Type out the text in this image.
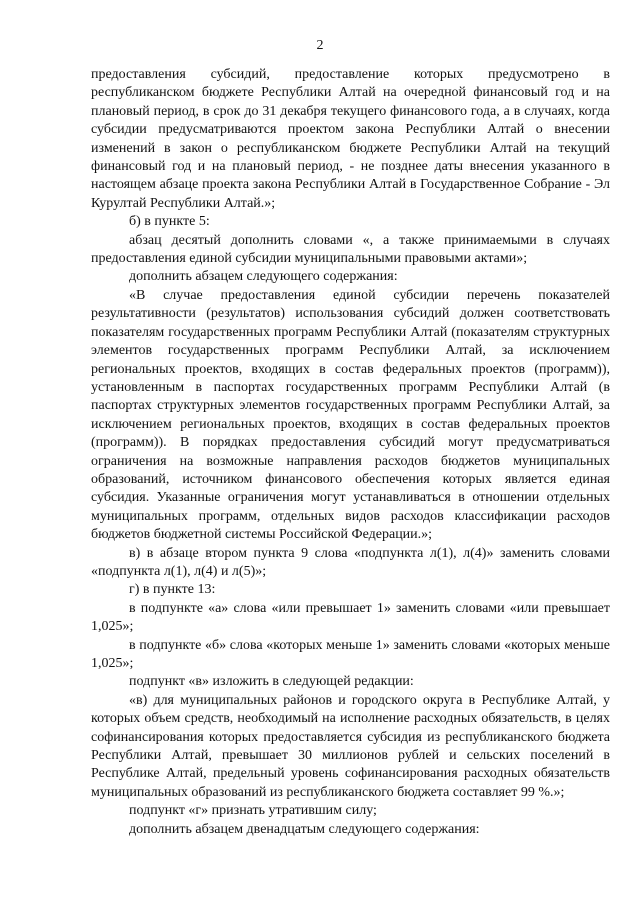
2

предоставления субсидий, предоставление которых предусмотрено в республиканском бюджете Республики Алтай на очередной финансовый год и на плановый период, в срок до 31 декабря текущего финансового года, а в случаях, когда субсидии предусматриваются проектом закона Республики Алтай о внесении изменений в закон о республиканском бюджете Республики Алтай на текущий финансовый год и на плановый период, - не позднее даты внесения указанного в настоящем абзаце проекта закона Республики Алтай в Государственное Собрание - Эл Курултай Республики Алтай.»;

б) в пункте 5:

абзац десятый дополнить словами «, а также принимаемыми в случаях предоставления единой субсидии муниципальными правовыми актами»;

дополнить абзацем следующего содержания:

«В случае предоставления единой субсидии перечень показателей результативности (результатов) использования субсидий должен соответствовать показателям государственных программ Республики Алтай (показателям структурных элементов государственных программ Республики Алтай, за исключением региональных проектов, входящих в состав федеральных проектов (программ)), установленным в паспортах государственных программ Республики Алтай (в паспортах структурных элементов государственных программ Республики Алтай, за исключением региональных проектов, входящих в состав федеральных проектов (программ)). В порядках предоставления субсидий могут предусматриваться ограничения на возможные направления расходов бюджетов муниципальных образований, источником финансового обеспечения которых является единая субсидия. Указанные ограничения могут устанавливаться в отношении отдельных муниципальных программ, отдельных видов расходов классификации расходов бюджетов бюджетной системы Российской Федерации.»;

в) в абзаце втором пункта 9 слова «подпункта л(1), л(4)» заменить словами «подпункта л(1), л(4) и л(5)»;

г) в пункте 13:

в подпункте «а» слова «или превышает 1» заменить словами «или превышает 1,025»;

в подпункте «б» слова «которых меньше 1» заменить словами «которых меньше 1,025»;

подпункт «в» изложить в следующей редакции:

«в) для муниципальных районов и городского округа в Республике Алтай, у которых объем средств, необходимый на исполнение расходных обязательств, в целях софинансирования которых предоставляется субсидия из республиканского бюджета Республики Алтай, превышает 30 миллионов рублей и сельских поселений в Республике Алтай, предельный уровень софинансирования расходных обязательств муниципальных образований из республиканского бюджета составляет 99 %.»;

подпункт «г» признать утратившим силу;

дополнить абзацем двенадцатым следующего содержания:
